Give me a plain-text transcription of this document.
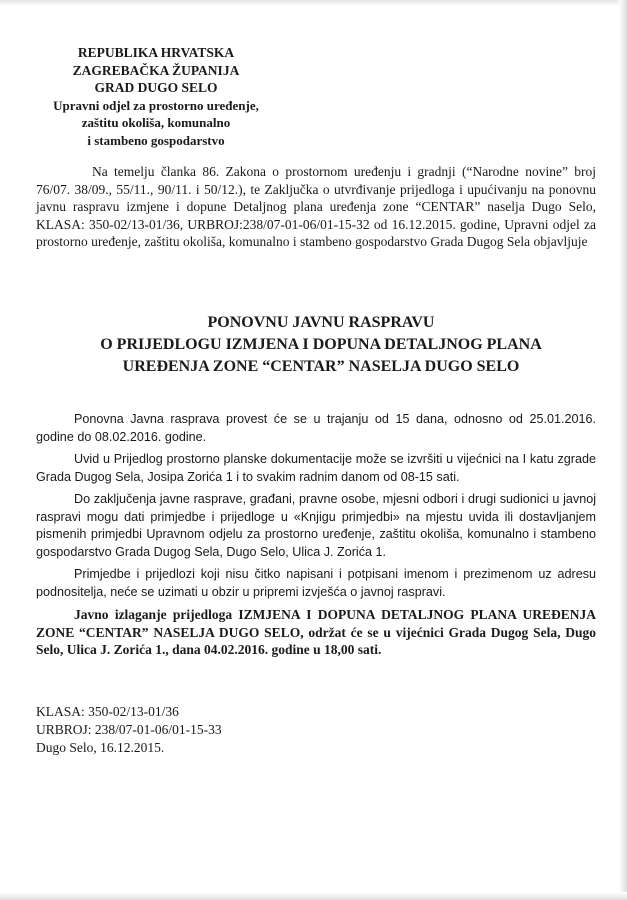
REPUBLIKA HRVATSKA
ZAGREBAČKA ŽUPANIJA
GRAD DUGO SELO
Upravni odjel za prostorno uređenje,
zaštitu okoliša, komunalno
i stambeno gospodarstvo

Na temelju članka 86. Zakona o prostornom uređenju i gradnji (“Narodne novine” broj 76/07. 38/09., 55/11., 90/11. i 50/12.), te Zaključka o utvrđivanje prijedloga i upućivanju na ponovnu javnu raspravu izmjene i dopune Detaljnog plana uređenja zone “CENTAR” naselja Dugo Selo, KLASA: 350-02/13-01/36, URBROJ:238/07-01-06/01-15-32 od 16.12.2015. godine, Upravni odjel za prostorno uređenje, zaštitu okoliša, komunalno i stambeno gospodarstvo Grada Dugog Sela objavljuje

PONOVNU JAVNU RASPRAVU
O PRIJEDLOGU IZMJENA I DOPUNA DETALJNOG PLANA
UREĐENJA ZONE “CENTAR” NASELJA DUGO SELO

Ponovna Javna rasprava provest će se u trajanju od 15 dana, odnosno od 25.01.2016. godine do 08.02.2016. godine.

Uvid u Prijedlog prostorno planske dokumentacije može se izvršiti u vijećnici na I katu zgrade Grada Dugog Sela, Josipa Zorića 1 i to svakim radnim danom od 08-15 sati.

Do zaključenja javne rasprave, građani, pravne osobe, mjesni odbori i drugi sudionici u javnoj raspravi mogu dati primjedbe i prijedloge u «Knjigu primjedbi» na mjestu uvida ili dostavljanjem pismenih primjedbi Upravnom odjelu za prostorno uređenje, zaštitu okoliša, komunalno i stambeno gospodarstvo Grada Dugog Sela, Dugo Selo, Ulica J. Zorića 1.

Primjedbe i prijedlozi koji nisu čitko napisani i potpisani imenom i prezimenom uz adresu podnositelja, neće se uzimati u obzir u pripremi izvješća o javnoj raspravi.

Javno izlaganje prijedloga IZMJENA I DOPUNA DETALJNOG PLANA UREĐENJA ZONE “CENTAR” NASELJA DUGO SELO, održat će se u vijećnici Grada Dugog Sela, Dugo Selo, Ulica J. Zorića 1., dana 04.02.2016. godine u 18,00 sati.

KLASA: 350-02/13-01/36
URBROJ: 238/07-01-06/01-15-33
Dugo Selo, 16.12.2015.
